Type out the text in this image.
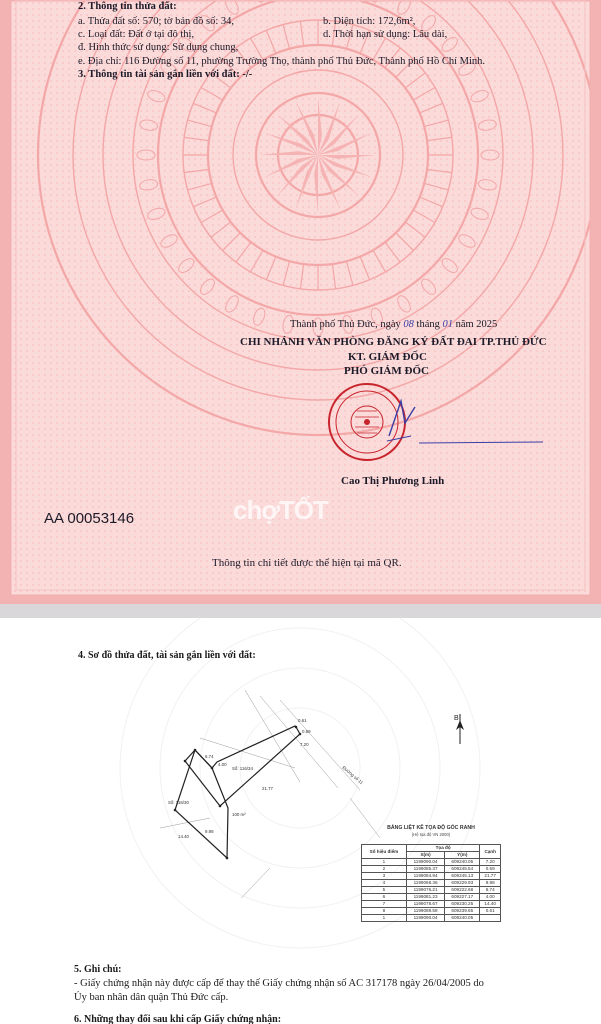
2. Thông tin thửa đất:
a. Thửa đất số: 570; tờ bản đồ số: 34,	b. Diện tích: 172,6m²,
c. Loại đất: Đất ở tại đô thị,	d. Thời hạn sử dụng: Lâu dài,
đ. Hình thức sử dụng: Sử dụng chung,
e. Địa chỉ: 116 Đường số 11, phường Trường Thọ, thành phố Thủ Đức, Thành phố Hồ Chí Minh.
3. Thông tin tài sản gắn liền với đất: -/-
Thành phố Thủ Đức, ngày 08 tháng 01 năm 2025
CHI NHÁNH VĂN PHÒNG ĐĂNG KÝ ĐẤT ĐAI TP.THỦ ĐỨC
KT. GIÁM ĐỐC
PHÓ GIÁM ĐỐC
Cao Thị Phương Linh
AA 00053146	chợTỐT
Thông tin chi tiết được thể hiện tại mã QR.
4. Sơ đồ thửa đất, tài sản gắn liền với đất:
100 m²
Số: 116/34
Số: 116/30
7.20
21.77
9.98
6.74
4.00
14.40
0.59
0.61
Đường số 11
B
BẢNG LIỆT KÊ TỌA ĐỘ GÓC RANH
(Hệ tọa độ VN 2000)
Số hiệu điểm	Tọa độ		Cạnh
	X(m)	Y(m)	
1	1199090.04	609240.05	7.20
2	1199085.37	609245.54	0.59
3	1199084.94	609245.13	21.77
4	1199068.36	609229.93	9.98
5	1199076.21	609222.68	6.74
6	1199081.23	609227.17	4.00
7	1199078.67	609230.25	14.40
8	1199089.58	609239.65	0.61
1	1199090.04	609240.05	
5. Ghi chú:
- Giấy chứng nhận này được cấp để thay thế Giấy chứng nhận số AC 317178 ngày 26/04/2005 do
Ủy ban nhân dân quận Thủ Đức cấp.
6. Những thay đổi sau khi cấp Giấy chứng nhận:
